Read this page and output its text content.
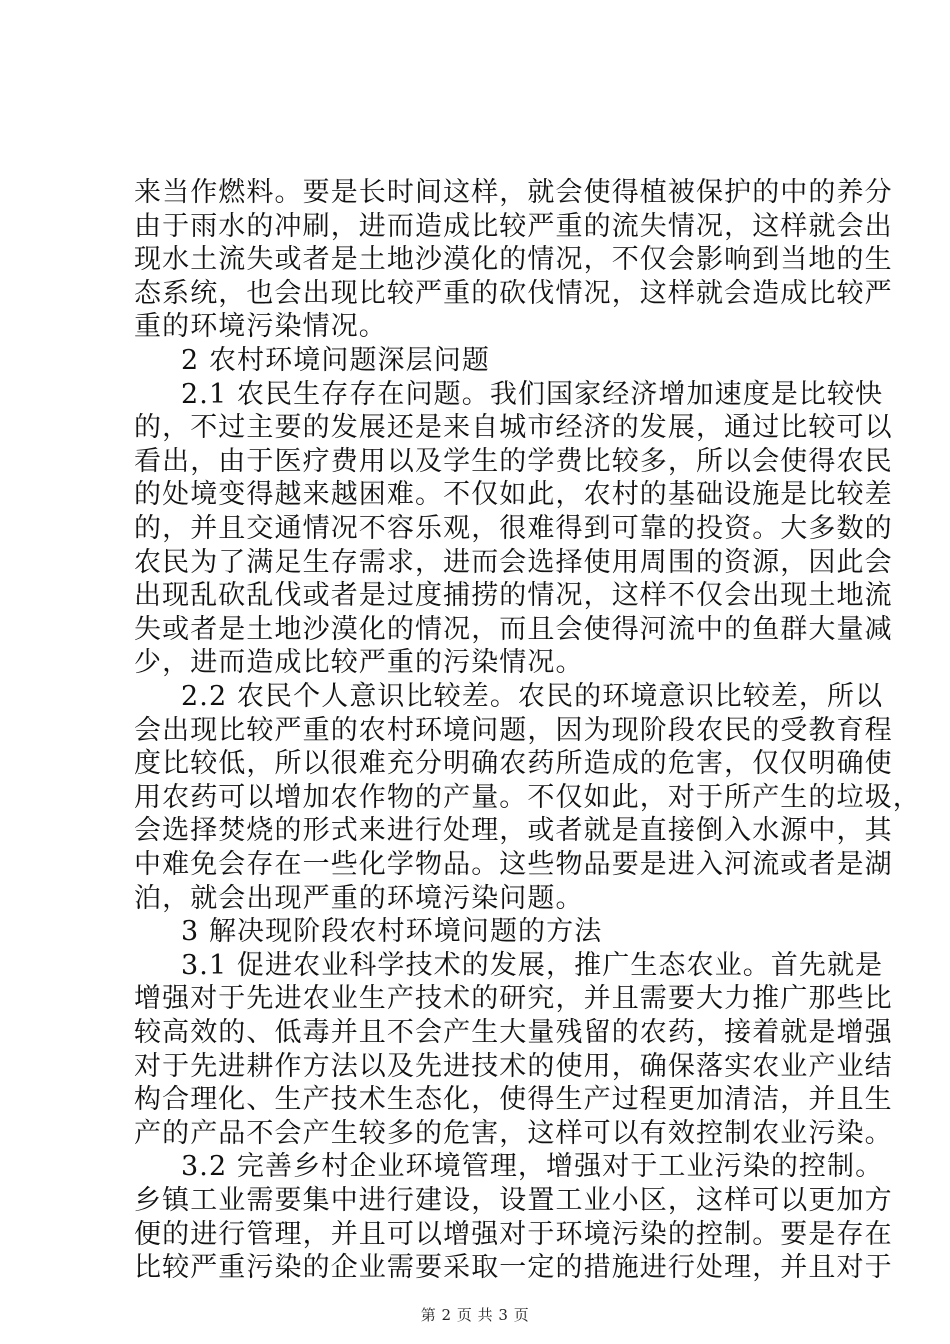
来当作燃料。要是长时间这样，就会使得植被保护的中的养分
由于雨水的冲刷，进而造成比较严重的流失情况，这样就会出
现水土流失或者是土地沙漠化的情况，不仅会影响到当地的生
态系统，也会出现比较严重的砍伐情况，这样就会造成比较严
重的环境污染情况。
2 农村环境问题深层问题
2.1 农民生存存在问题。我们国家经济增加速度是比较快
的，不过主要的发展还是来自城市经济的发展，通过比较可以
看出，由于医疗费用以及学生的学费比较多，所以会使得农民
的处境变得越来越困难。不仅如此，农村的基础设施是比较差
的，并且交通情况不容乐观，很难得到可靠的投资。大多数的
农民为了满足生存需求，进而会选择使用周围的资源，因此会
出现乱砍乱伐或者是过度捕捞的情况，这样不仅会出现土地流
失或者是土地沙漠化的情况，而且会使得河流中的鱼群大量减
少，进而造成比较严重的污染情况。
2.2 农民个人意识比较差。农民的环境意识比较差，所以
会出现比较严重的农村环境问题，因为现阶段农民的受教育程
度比较低，所以很难充分明确农药所造成的危害，仅仅明确使
用农药可以增加农作物的产量。不仅如此，对于所产生的垃圾，
会选择焚烧的形式来进行处理，或者就是直接倒入水源中，其
中难免会存在一些化学物品。这些物品要是进入河流或者是湖
泊，就会出现严重的环境污染问题。
3 解决现阶段农村环境问题的方法
3.1 促进农业科学技术的发展，推广生态农业。首先就是
增强对于先进农业生产技术的研究，并且需要大力推广那些比
较高效的、低毒并且不会产生大量残留的农药，接着就是增强
对于先进耕作方法以及先进技术的使用，确保落实农业产业结
构合理化、生产技术生态化，使得生产过程更加清洁，并且生
产的产品不会产生较多的危害，这样可以有效控制农业污染。
3.2 完善乡村企业环境管理，增强对于工业污染的控制。
乡镇工业需要集中进行建设，设置工业小区，这样可以更加方
便的进行管理，并且可以增强对于环境污染的控制。要是存在
比较严重污染的企业需要采取一定的措施进行处理，并且对于
第 2 页 共 3 页
